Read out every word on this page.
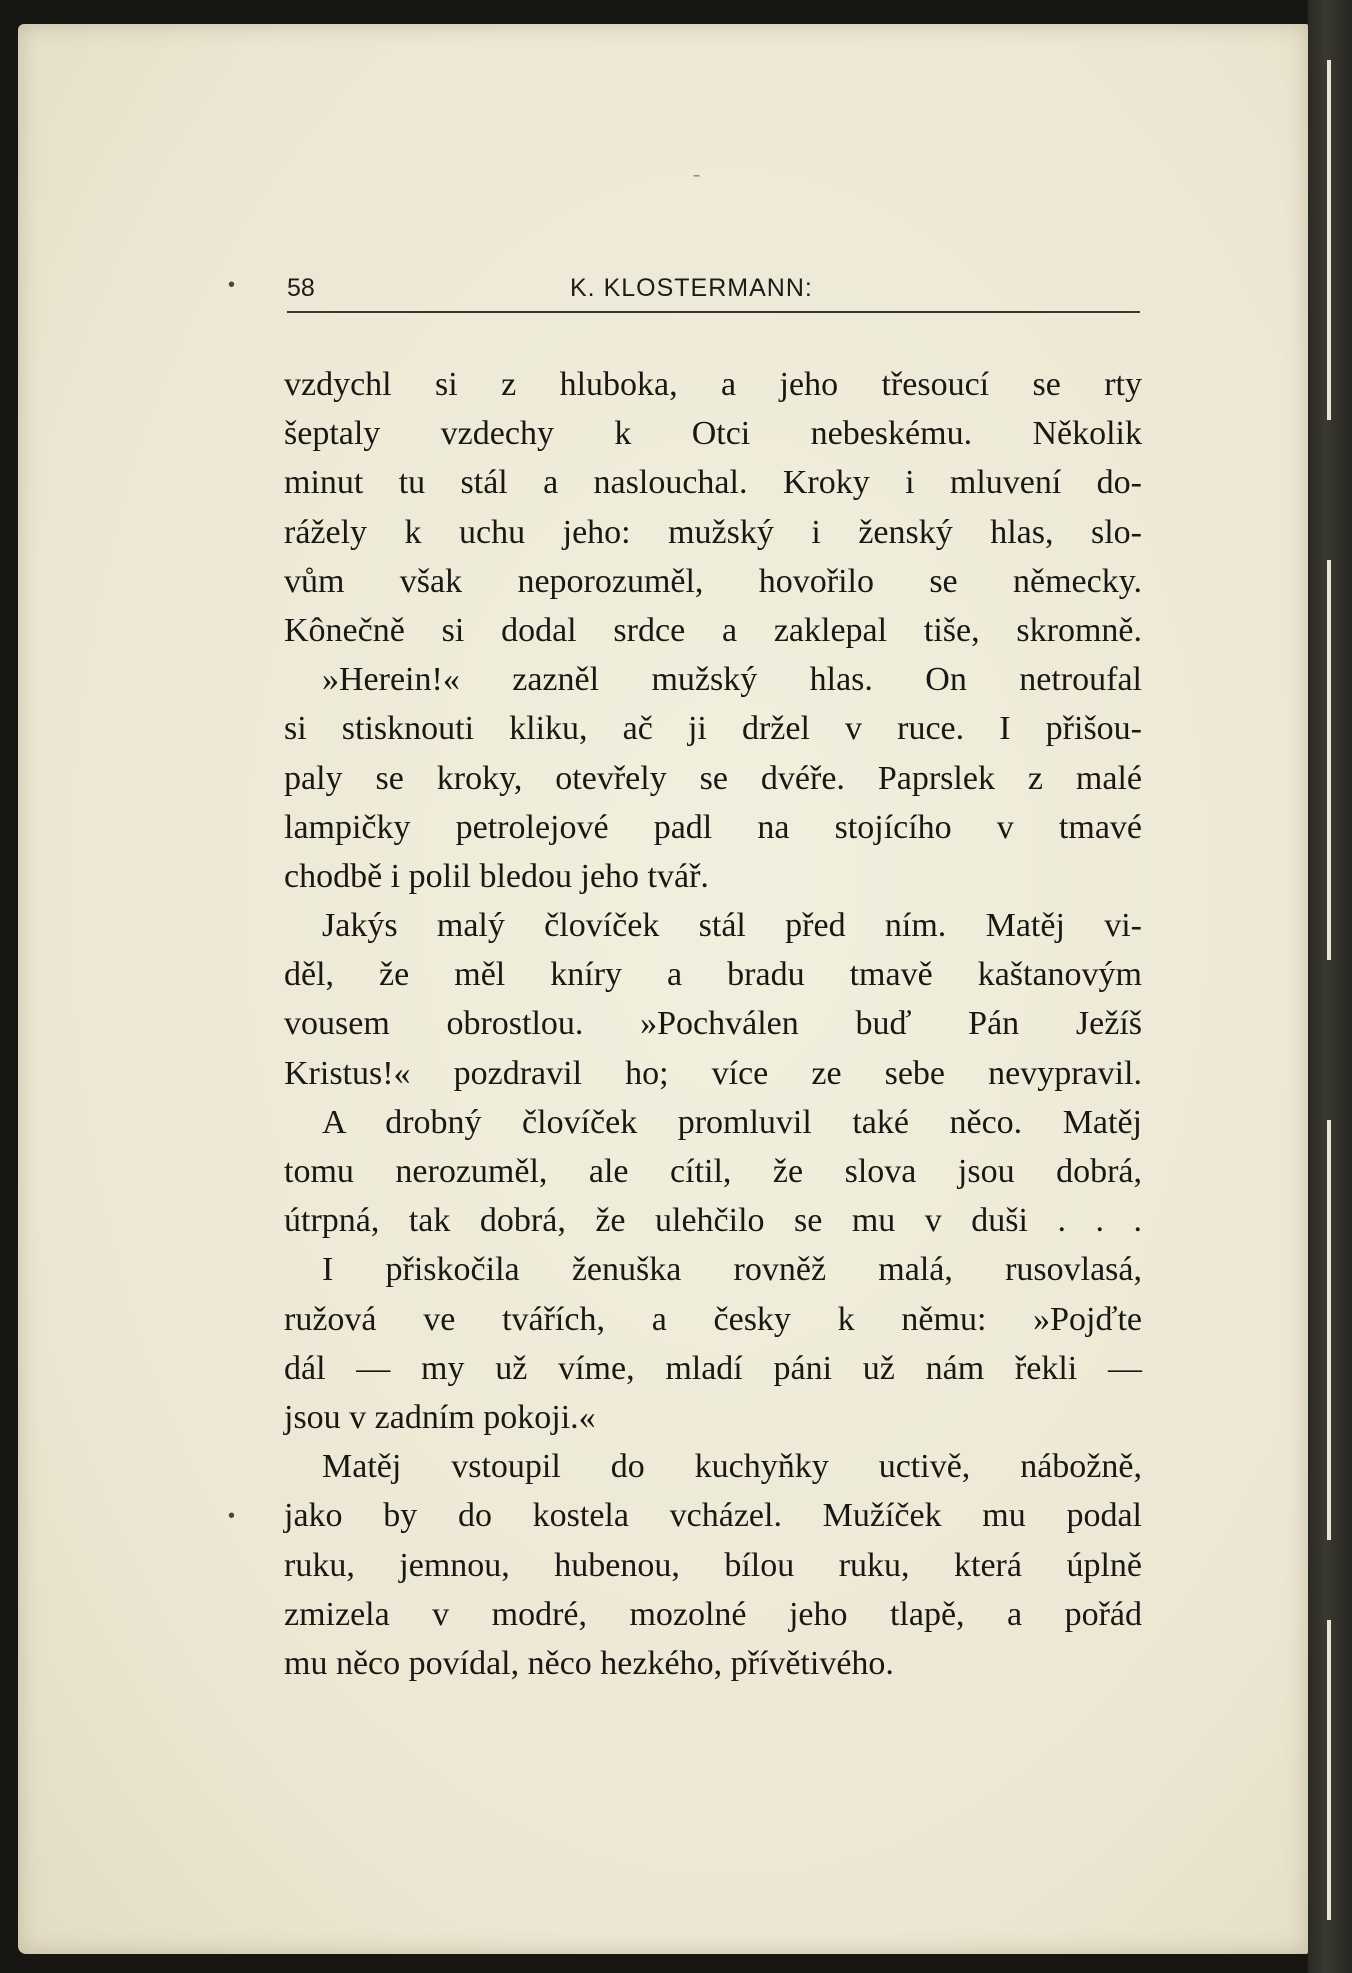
ˉ
58	K. KLOSTERMANN:
•
•
vzdychl si z hluboka, a jeho třesoucí se rty
šeptaly vzdechy k Otci nebeskému. Několik
minut tu stál a naslouchal. Kroky i mluvení do-
rážely k uchu jeho: mužský i ženský hlas, slo-
vům však neporozuměl, hovořilo se německy.
Kônečně si dodal srdce a zaklepal tiše, skromně.
»Herein!« zazněl mužský hlas. On netroufal
si stisknouti kliku, ač ji držel v ruce. I přišou-
paly se kroky, otevřely se dvéře. Paprslek z malé
lampičky petrolejové padl na stojícího v tmavé
chodbě i polil bledou jeho tvář.
Jakýs malý človíček stál před ním. Matěj vi-
děl, že měl kníry a bradu tmavě kaštanovým
vousem obrostlou. »Pochválen buď Pán Ježíš
Kristus!« pozdravil ho; více ze sebe nevypravil.
A drobný človíček promluvil také něco. Matěj
tomu nerozuměl, ale cítil, že slova jsou dobrá,
útrpná, tak dobrá, že ulehčilo se mu v duši . . .
I přiskočila ženuška rovněž malá, rusovlasá,
ružová ve tvářích, a česky k němu: »Pojďte
dál — my už víme, mladí páni už nám řekli —
jsou v zadním pokoji.«
Matěj vstoupil do kuchyňky uctivě, nábožně,
jako by do kostela vcházel. Mužíček mu podal
ruku, jemnou, hubenou, bílou ruku, která úplně
zmizela v modré, mozolné jeho tlapě, a pořád
mu něco povídal, něco hezkého, přívětivého.
